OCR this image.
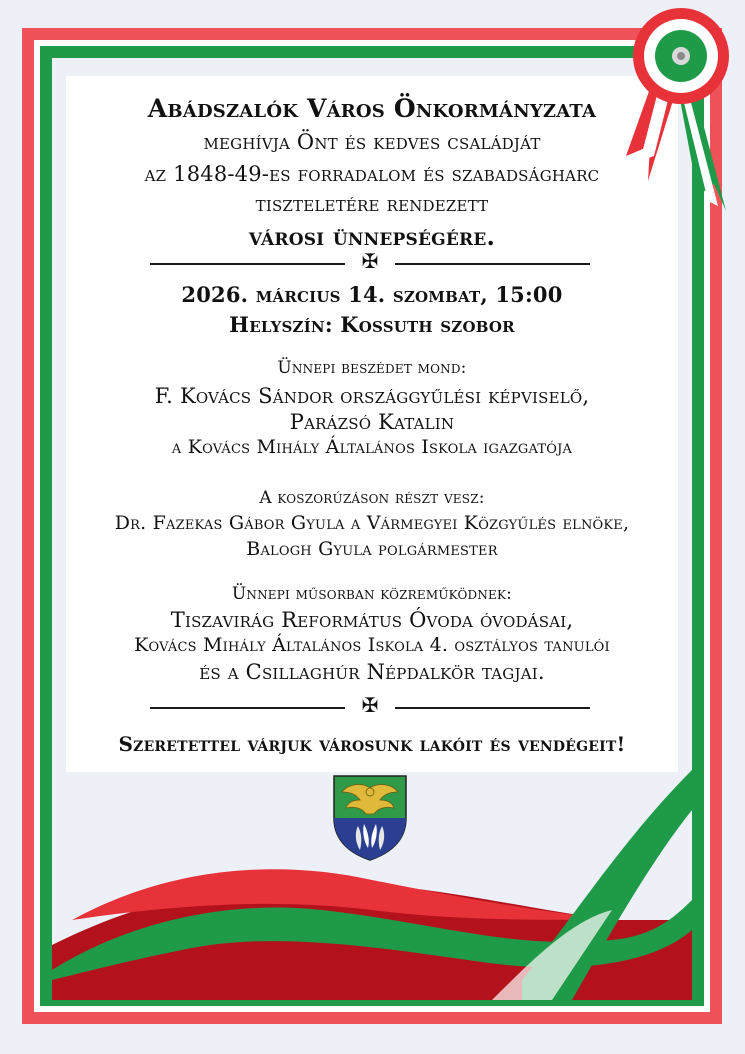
Abádszalók Város Önkormányzata
meghívja Önt és kedves családját
az 1848-49-es forradalom és szabadságharc
tiszteletére rendezett
városi ünnepségére.
✠
2026. március 14. szombat, 15:00
Helyszín: Kossuth szobor
Ünnepi beszédet mond:
F. Kovács Sándor országgyűlési képviselő,
Parázsó Katalin
a Kovács Mihály Általános Iskola igazgatója
A koszorúzáson részt vesz:
Dr. Fazekas Gábor Gyula a Vármegyei Közgyűlés elnöke,
Balogh Gyula polgármester
Ünnepi műsorban közreműködnek:
Tiszavirág Református Óvoda óvodásai,
Kovács Mihály Általános Iskola 4. osztályos tanulói
és a Csillaghúr Népdalkör tagjai.
✠
Szeretettel várjuk városunk lakóit és vendégeit!
